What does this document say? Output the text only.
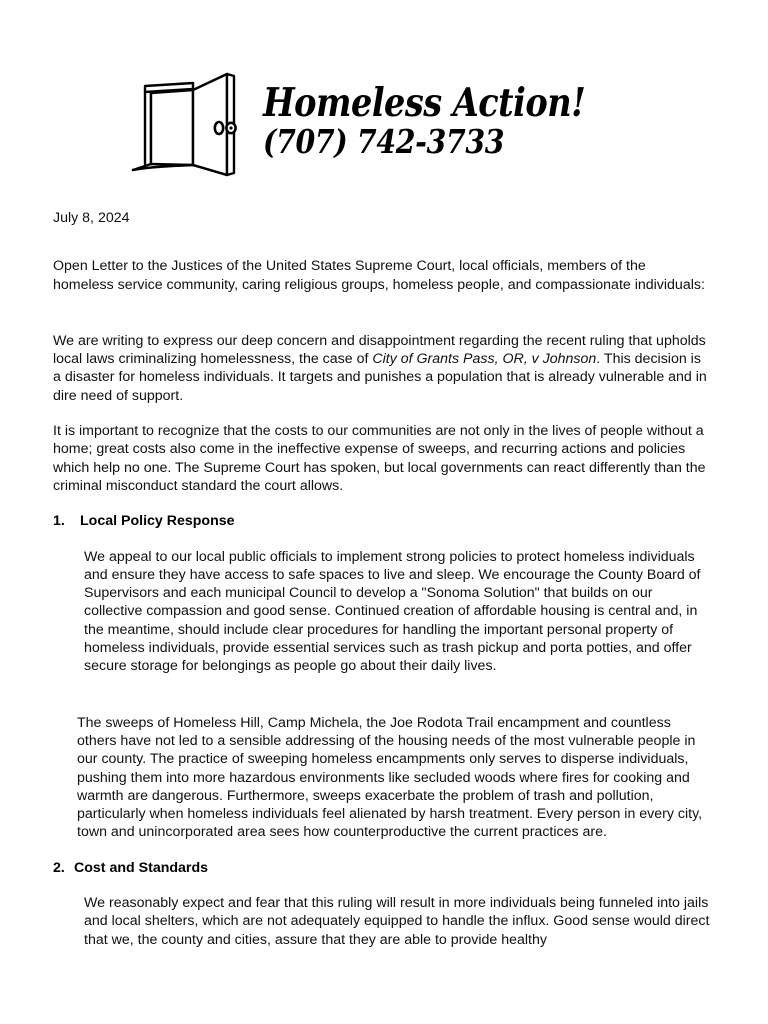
Homeless Action!
(707) 742-3733
July 8, 2024

Open Letter to the Justices of the United States Supreme Court, local officials, members of the homeless service community, caring religious groups, homeless people, and compassionate individuals:

We are writing to express our deep concern and disappointment regarding the recent ruling that upholds local laws criminalizing homelessness, the case of City of Grants Pass, OR, v Johnson. This decision is a disaster for homeless individuals. It targets and punishes a population that is already vulnerable and in dire need of support.

It is important to recognize that the costs to our communities are not only in the lives of people without a home; great costs also come in the ineffective expense of sweeps, and recurring actions and policies which help no one. The Supreme Court has spoken, but local governments can react differently than the criminal misconduct standard the court allows.

1.	Local Policy Response

We appeal to our local public officials to implement strong policies to protect homeless individuals and ensure they have access to safe spaces to live and sleep. We encourage the County Board of Supervisors and each municipal Council to develop a "Sonoma Solution" that builds on our collective compassion and good sense. Continued creation of affordable housing is central and, in the meantime, should include clear procedures for handling the important personal property of homeless individuals, provide essential services such as trash pickup and porta potties, and offer secure storage for belongings as people go about their daily lives.

The sweeps of Homeless Hill, Camp Michela, the Joe Rodota Trail encampment and countless others have not led to a sensible addressing of the housing needs of the most vulnerable people in our county. The practice of sweeping homeless encampments only serves to disperse individuals, pushing them into more hazardous environments like secluded woods where fires for cooking and warmth are dangerous. Furthermore, sweeps exacerbate the problem of trash and pollution, particularly when homeless individuals feel alienated by harsh treatment. Every person in every city, town and unincorporated area sees how counterproductive the current practices are.

2. Cost and Standards

We reasonably expect and fear that this ruling will result in more individuals being funneled into jails and local shelters, which are not adequately equipped to handle the influx. Good sense would direct that we, the county and cities, assure that they are able to provide healthy
